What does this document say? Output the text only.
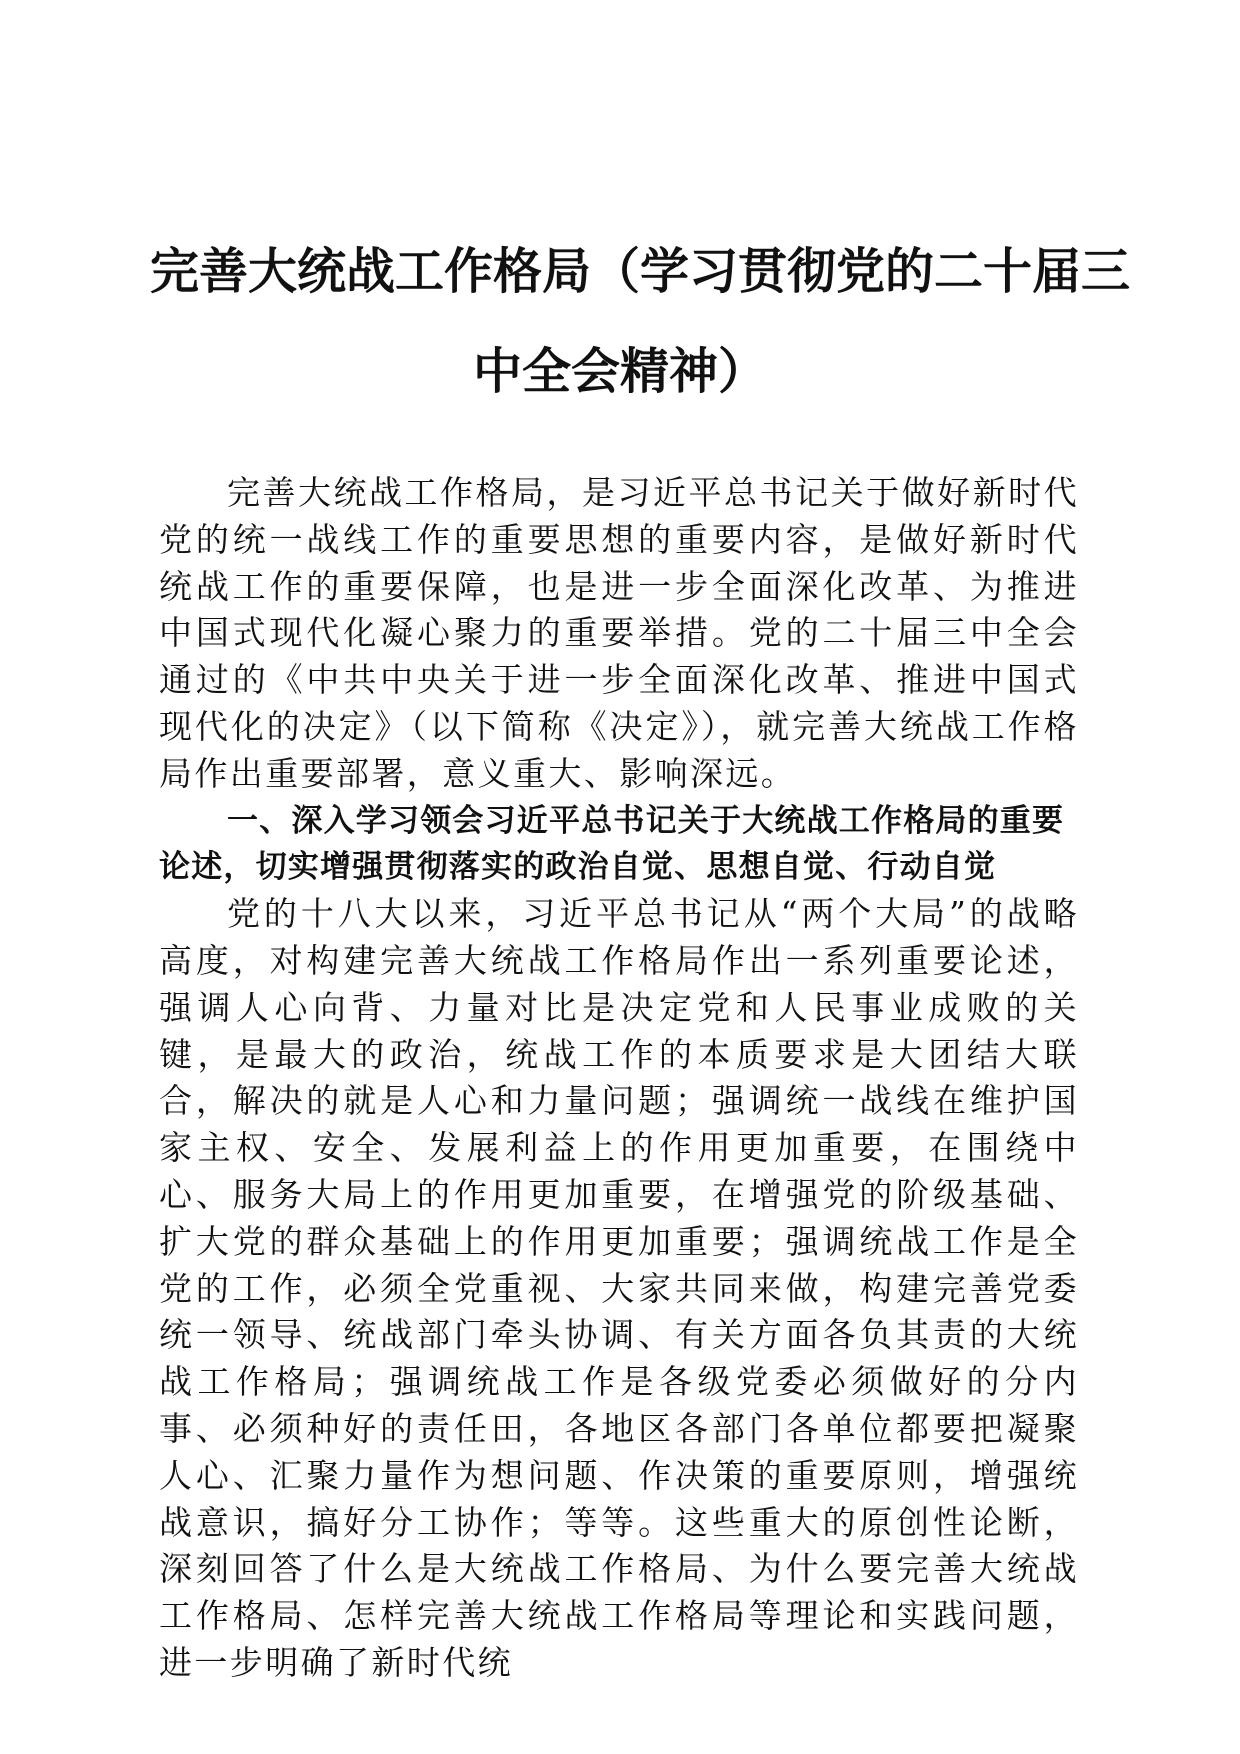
完善大统战工作格局（学习贯彻党的二十届三
中全会精神）

完善大统战工作格局，是习近平总书记关于做好新时代党的统一战线工作的重要思想的重要内容，是做好新时代统战工作的重要保障，也是进一步全面深化改革、为推进中国式现代化凝心聚力的重要举措。党的二十届三中全会通过的《中共中央关于进一步全面深化改革、推进中国式现代化的决定》（以下简称《决定》），就完善大统战工作格局作出重要部署，意义重大、影响深远。

一、深入学习领会习近平总书记关于大统战工作格局的重要论述，切实增强贯彻落实的政治自觉、思想自觉、行动自觉

党的十八大以来，习近平总书记从“两个大局”的战略高度，对构建完善大统战工作格局作出一系列重要论述，强调人心向背、力量对比是决定党和人民事业成败的关键，是最大的政治，统战工作的本质要求是大团结大联合，解决的就是人心和力量问题；强调统一战线在维护国家主权、安全、发展利益上的作用更加重要，在围绕中心、服务大局上的作用更加重要，在增强党的阶级基础、扩大党的群众基础上的作用更加重要；强调统战工作是全党的工作，必须全党重视、大家共同来做，构建完善党委统一领导、统战部门牵头协调、有关方面各负其责的大统战工作格局；强调统战工作是各级党委必须做好的分内事、必须种好的责任田，各地区各部门各单位都要把凝聚人心、汇聚力量作为想问题、作决策的重要原则，增强统战意识，搞好分工协作；等等。这些重大的原创性论断，深刻回答了什么是大统战工作格局、为什么要完善大统战工作格局、怎样完善大统战工作格局等理论和实践问题，进一步明确了新时代统
